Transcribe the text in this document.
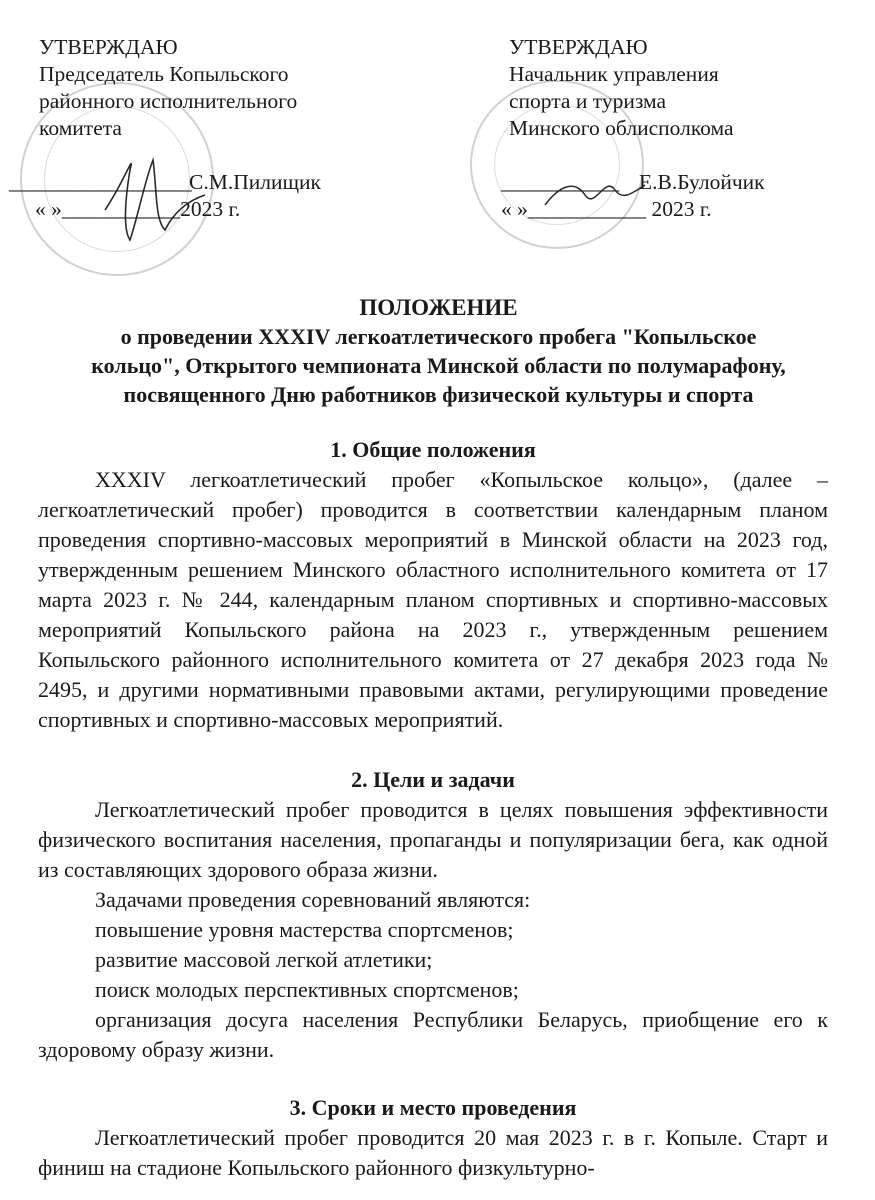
УТВЕРЖДАЮ
Председатель Копыльского
районного исполнительного
комитета
_________________
С.М.Пилищик
« »___________2023 г.
УТВЕРЖДАЮ
Начальник управления
спорта и туризма
Минского облисполкома
___________ Е.В.Булойчик
« »___________ 2023 г.
ПОЛОЖЕНИЕ
о проведении XXXIV легкоатлетического пробега "Копыльское
кольцо", Открытого чемпионата Минской области по полумарафону,
посвященного Дню работников физической культуры и спорта

1. Общие положения

XXXIV легкоатлетический пробег «Копыльское кольцо», (далее – легкоатлетический пробег) проводится в соответствии календарным планом проведения спортивно-массовых мероприятий в Минской области на 2023 год, утвержденным решением Минского областного исполнительного комитета от 17 марта 2023 г. № 244, календарным планом спортивных и спортивно-массовых мероприятий Копыльского района на 2023 г., утвержденным решением Копыльского районного исполнительного комитета от 27 декабря 2023 года № 2495, и другими нормативными правовыми актами, регулирующими проведение спортивных и спортивно-массовых мероприятий.

2. Цели и задачи

Легкоатлетический пробег проводится в целях повышения эффективности физического воспитания населения, пропаганды и популяризации бега, как одной из составляющих здорового образа жизни.

Задачами проведения соревнований являются:

повышение уровня мастерства спортсменов;

развитие массовой легкой атлетики;

поиск молодых перспективных спортсменов;

организация досуга населения Республики Беларусь, приобщение его к здоровому образу жизни.

3. Сроки и место проведения

Легкоатлетический пробег проводится 20 мая 2023 г. в г. Копыле. Старт и финиш на стадионе Копыльского районного физкультурно-
